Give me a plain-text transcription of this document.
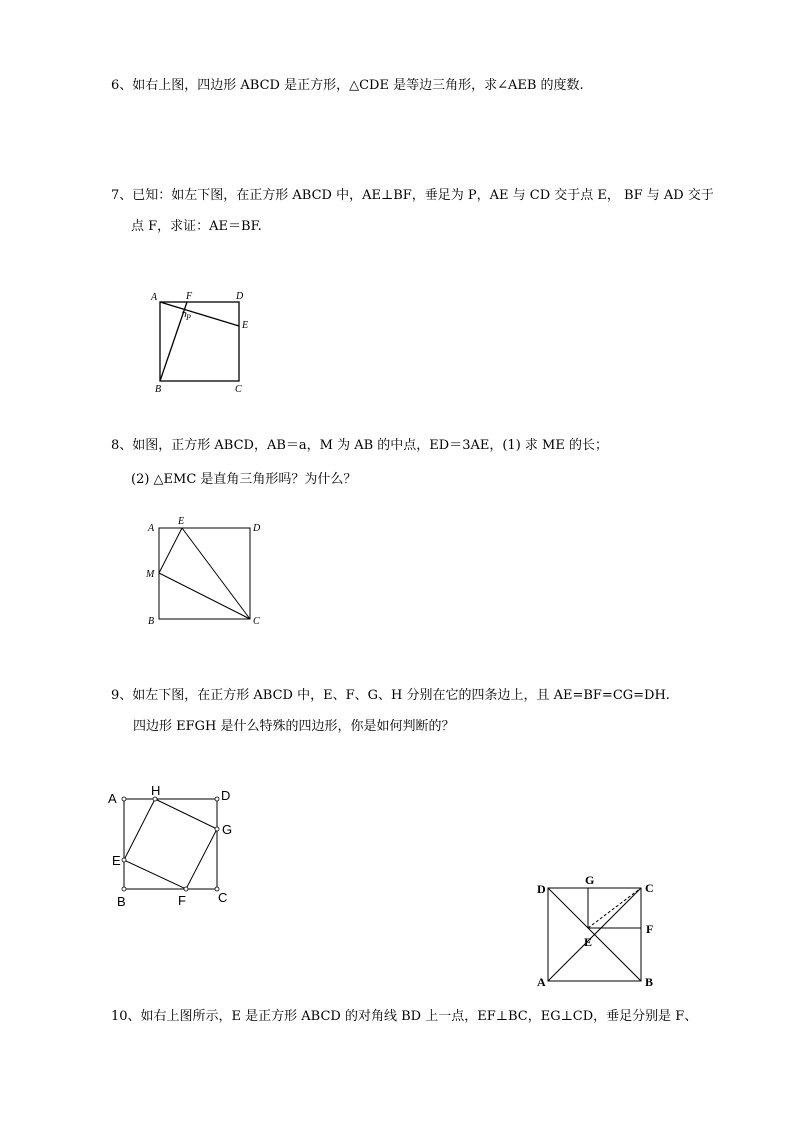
6、如右上图，四边形 ABCD 是正方形，△CDE 是等边三角形，求∠AEB 的度数.
7、已知：如左下图，在正方形 ABCD 中，AE⊥BF，垂足为 P，AE 与 CD 交于点 E， BF 与 AD 交于
点 F，求证：AE＝BF.
A	F	D
P
E
B	C
8、如图，正方形 ABCD，AB＝a，M 为 AB 的中点，ED＝3AE，(1) 求 ME 的长；
(2) △EMC 是直角三角形吗？为什么？
A
E
D
M
B	C
9、如左下图，在正方形 ABCD 中，E、F、G、H 分别在它的四条边上，且 AE=BF=CG=DH.
四边形 EFGH 是什么特殊的四边形，你是如何判断的？
A
H	D
G
E
B	F C
D
G
C
F
E
A	B
10、如右上图所示，E 是正方形 ABCD 的对角线 BD 上一点，EF⊥BC，EG⊥CD，垂足分别是 F、
